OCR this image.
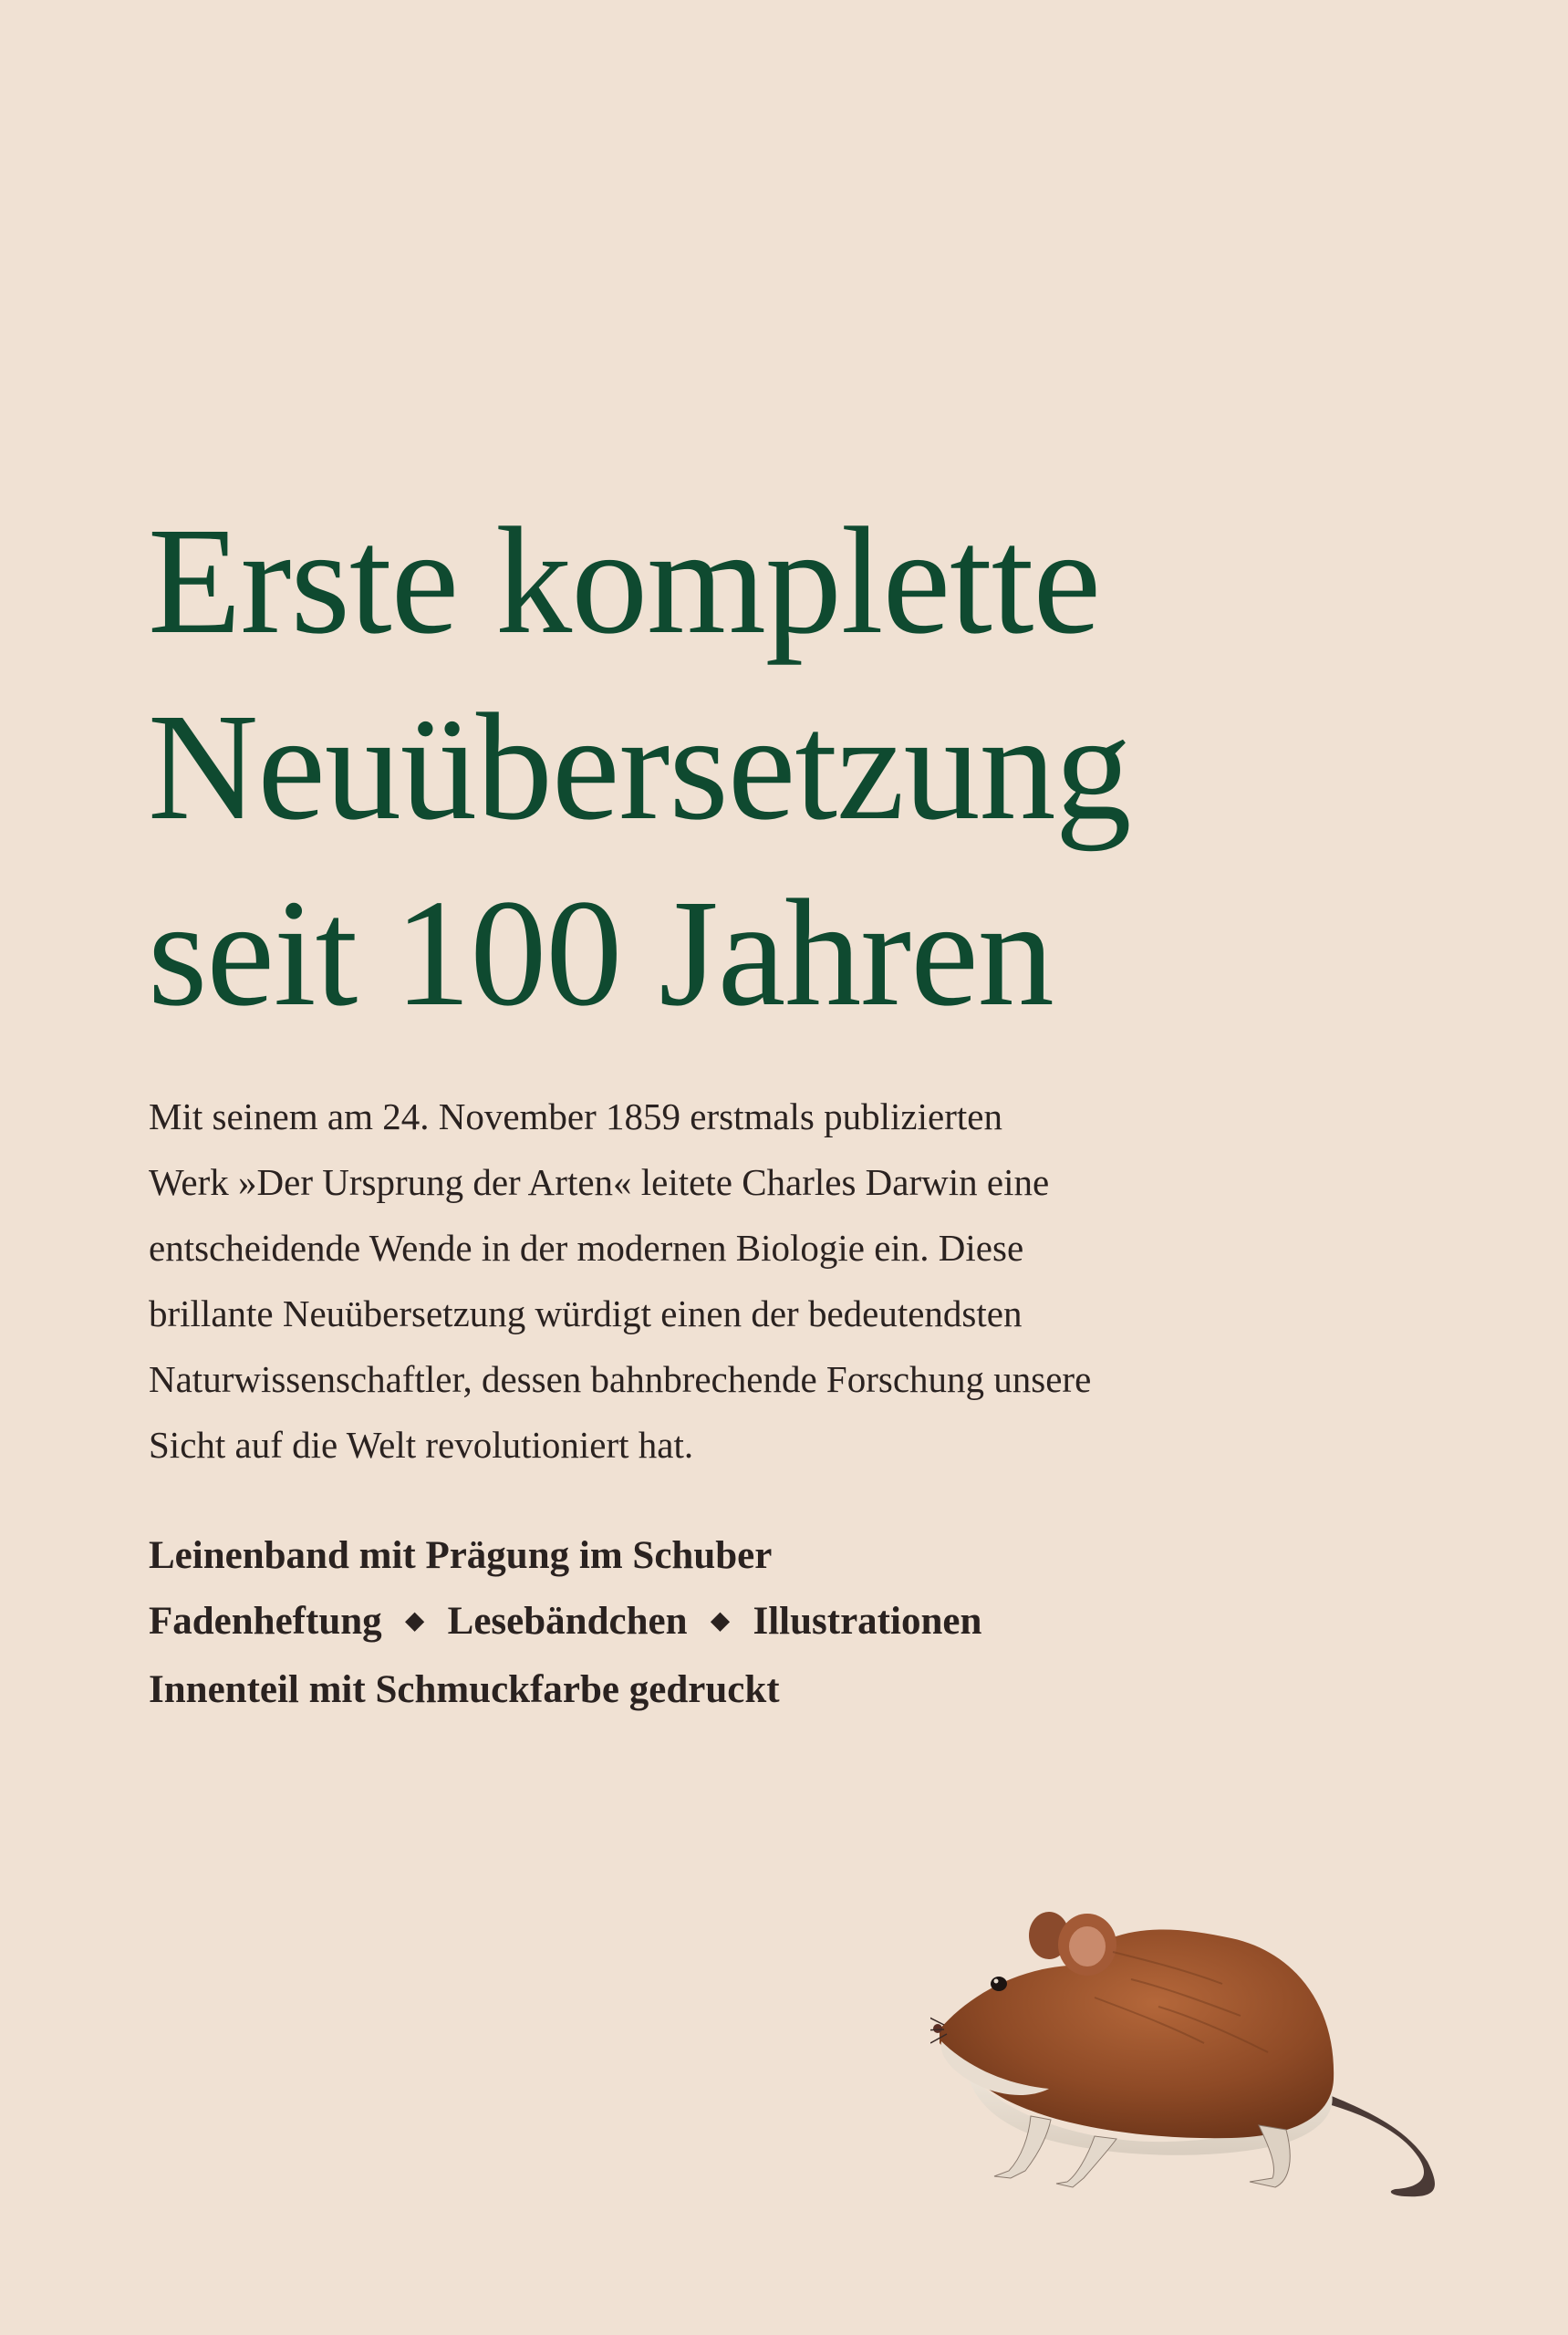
Erste komplette
Neuübersetzung
seit 100 Jahren

Mit seinem am 24. November 1859 erstmals publizierten
Werk »Der Ursprung der Arten« leitete Charles Darwin eine
entscheidende Wende in der modernen Biologie ein. Diese
brillante Neuübersetzung würdigt einen der bedeutendsten
Naturwissenschaftler, dessen bahnbrechende Forschung unsere
Sicht auf die Welt revolutioniert hat.

Leinenband mit Prägung im Schuber
Fadenheftung ◆ Lesebändchen ◆ Illustrationen
Innenteil mit Schmuckfarbe gedruckt
